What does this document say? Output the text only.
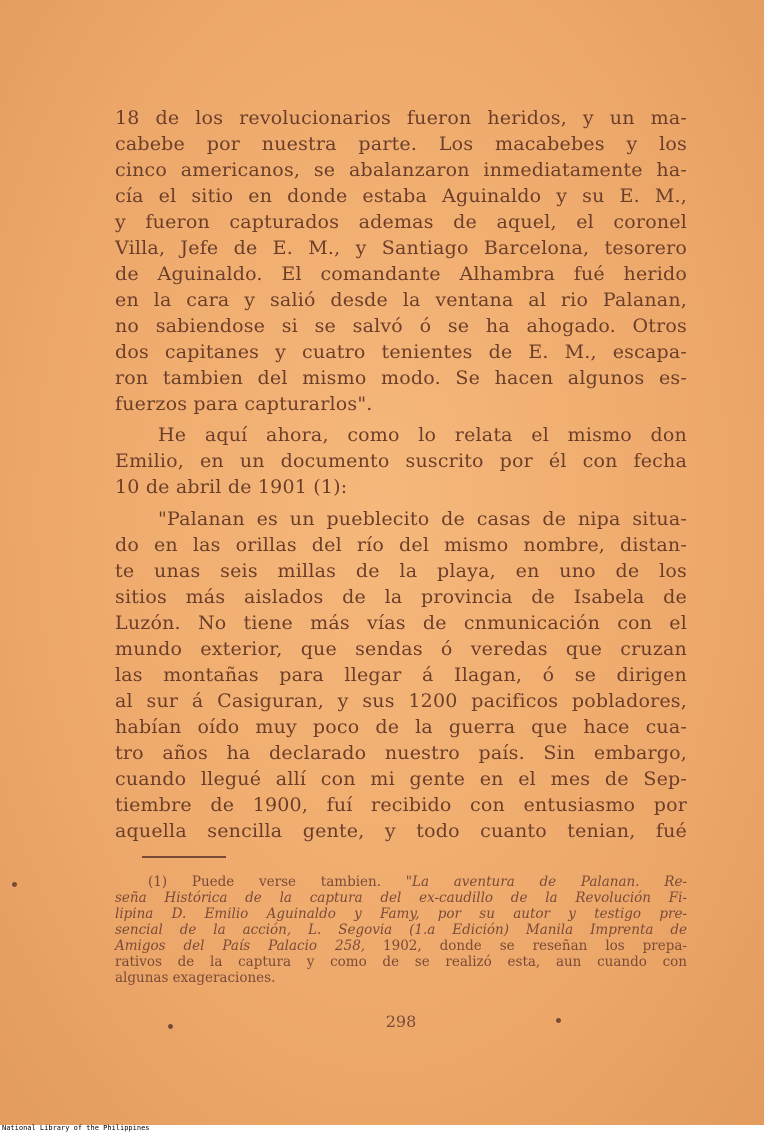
18 de los revolucionarios fueron heridos, y un ma-
cabebe por nuestra parte. Los macabebes y los
cinco americanos, se abalanzaron inmediatamente ha-
cía el sitio en donde estaba Aguinaldo y su E. M.,
y fueron capturados ademas de aquel, el coronel
Villa, Jefe de E. M., y Santiago Barcelona, tesorero
de Aguinaldo. El comandante Alhambra fué herido
en la cara y salió desde la ventana al rio Palanan,
no sabiendose si se salvó ó se ha ahogado. Otros
dos capitanes y cuatro tenientes de E. M., escapa-
ron tambien del mismo modo. Se hacen algunos es-
fuerzos para capturarlos".
He aquí ahora, como lo relata el mismo don
Emilio, en un documento suscrito por él con fecha
10 de abril de 1901 (1):
"Palanan es un pueblecito de casas de nipa situa-
do en las orillas del río del mismo nombre, distan-
te unas seis millas de la playa, en uno de los
sitios más aislados de la provincia de Isabela de
Luzón. No tiene más vías de cnmunicación con el
mundo exterior, que sendas ó veredas que cruzan
las montañas para llegar á Ilagan, ó se dirigen
al sur á Casiguran, y sus 1200 pacificos pobladores,
habían oído muy poco de la guerra que hace cua-
tro años ha declarado nuestro país. Sin embargo,
cuando llegué allí con mi gente en el mes de Sep-
tiembre de 1900, fuí recibido con entusiasmo por
aquella sencilla gente, y todo cuanto tenian, fué
(1) Puede verse tambien. "La aventura de Palanan. Re-
seña Histórica de la captura del ex-caudillo de la Revolución Fi-
lipina D. Emilio Aguinaldo y Famy, por su autor y testigo pre-
sencial de la acción, L. Segovia (1.a Edición) Manila Imprenta de
Amigos del País Palacio 258, 1902, donde se reseñan los prepa-
rativos de la captura y como de se realizó esta, aun cuando con
algunas exageraciones.
298
National Library of the Philippines
